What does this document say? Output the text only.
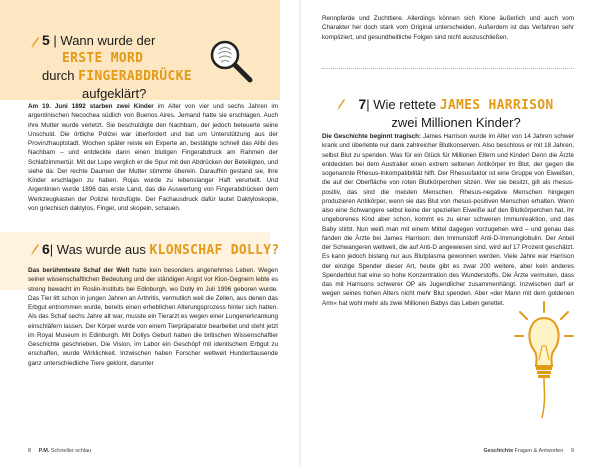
5 | Wann wurde der
ERSTE MORD
durch FINGERABDRÜCKE
aufgeklärt?
Am 19. Juni 1892 starben zwei Kinder im Alter von vier und sechs Jahren im argentinischen Necochea südlich von Buenos Aires. Jemand hatte sie erschlagen. Auch ihre Mutter wurde verletzt. Sie beschuldigte den Nachbarn, der jedoch beteuerte seine Unschuld. Die örtliche Polizei war überfordert und bat um Unterstützung aus der Provinzhauptstadt. Wochen später reiste ein Experte an, bestätigte schnell das Alibi des Nachbarn – und entdeckte dann einen blutigen Fingerabdruck am Rahmen der Schlafzimmertür. Mit der Lupe verglich er die Spur mit den Abdrücken der Beteiligten, und siehe da: Der rechte Daumen der Mutter stimmte überein. Daraufhin gestand sie, ihre Kinder erschlagen zu haben. Rojas wurde zu lebenslanger Haft verurteilt. Und Argentinien wurde 1896 das erste Land, das die Auswertung von Fingerabdrücken dem Werkzeugkasten der Polizei hinzufügte. Der Fachausdruck dafür lautet Daktyloskopie, von griechisch daktylos, Finger, und skopein, schauen.
6| Was wurde aus KLONSCHAF DOLLY?
Das berühmteste Schaf der Welt hatte kein besonders angenehmes Leben. Wegen seiner wissenschaftlichen Bedeutung und der ständigen Angst vor Klon-Gegnern lebte es streng bewacht im Roslin-Instituts bei Edinburgh, wo Dolly im Juli 1996 geboren wurde. Das Tier litt schon in jungen Jahren an Arthritis, vermutlich weil die Zellen, aus denen das Erbgut entnommen wurde, bereits einen erheblichen Alterungsprozess hinter sich hatten. Als das Schaf sechs Jahre alt war, musste ein Tierarzt es wegen einer Lungenerkrankung einschläfern lassen. Der Körper wurde von einem Tierpräparator bearbeitet und steht jetzt im Royal Museum in Edinburgh. Mit Dollys Geburt hatten die britischen Wissenschaftler Geschichte geschrieben. Die Vision, im Labor ein Geschöpf mit identischem Erbgut zu erschaffen, wurde Wirklichkeit. Inzwischen haben Forscher weltweit Hunderttausende ganz unterschiedliche Tiere geklont, darunter
8 P.M. Schneller schlau
Rennpferde und Zuchttiere. Allerdings können sich Klone äußerlich und auch vom Charakter her doch stark vom Original unterscheiden. Außerdem ist das Verfahren sehr kompliziert, und gesundheitliche Folgen sind nicht auszuschließen.
7| Wie rettete JAMES HARRISON
zwei Millionen Kinder?
Die Geschichte beginnt tragisch: James Harrison wurde im Alter von 14 Jahren schwer krank und überlebte nur dank zahlreicher Blutkonserven. Also beschloss er mit 18 Jahren, selbst Blut zu spenden. Was für ein Glück für Millionen Eltern und Kinder! Denn die Ärzte entdeckten bei dem Australier einen extrem seltenen Antikörper im Blut, der gegen die sogenannte Rhesus-Inkompatibilität hilft. Der Rhesusfaktor ist eine Gruppe von Eiweißen, die auf der Oberfläche von roten Blutkörperchen sitzen. Wer sie besitzt, gilt als rhesus-positiv, das sind die meisten Menschen. Rhesus-negative Menschen hingegen produzieren Antikörper, wenn sie das Blut von rhesus-positiven Menschen erhalten. Wenn also eine Schwangere selbst keine der speziellen Eiweiße auf den Blutkörperchen hat, ihr ungeborenes Kind aber schon, kommt es zu einer schweren Immunreaktion, und das Baby stirbt. Nun weiß man mit einem Mittel dagegen vorzugehen wird – und genau das fanden die Ärzte bei James Harrison: den Immunstoff Anti-D-Immunglobulin. Der Anteil der Schwangeren weltweit, die auf Anti-D angewiesen sind, wird auf 17 Prozent geschätzt. Es kann jedoch bislang nur aus Blutplasma gewonnen werden. Viele Jahre war Harrison der einzige Spender dieser Art, heute gibt es zwar 200 weitere, aber kein anderes Spenderblut hat eine so hohe Konzentration des Wunderstoffs. Die Ärzte vermuten, dass das mit Harrisons schwerer OP als Jugendlicher zusammenhängt. Inzwischen darf er wegen seines hohen Alters nicht mehr Blut spenden. Aber »der Mann mit dem goldenen Arm« hat wohl mehr als zwei Millionen Babys das Leben gerettet.
Geschichte Fragen & Antworten 9
